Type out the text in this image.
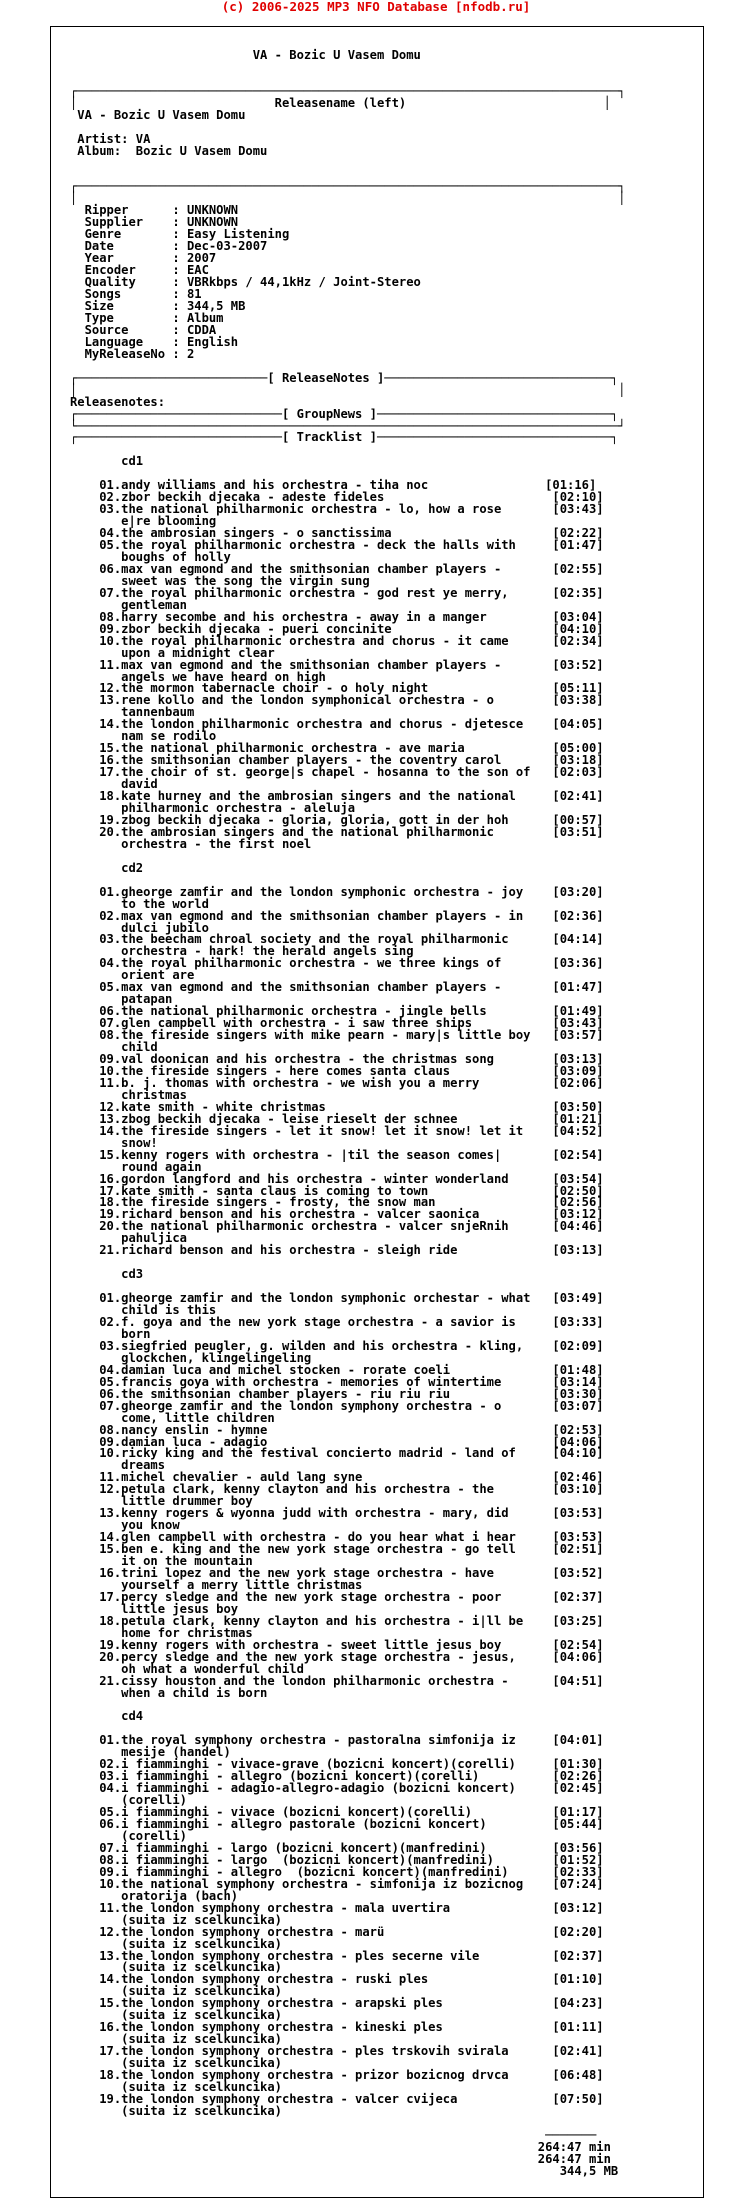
(c) 2006-2025 MP3 NFO Database [nfodb.ru]

VA - Bozic U Vasem Domu

┌──────────────────────────────────────────────────────────────────────────┐
│                           Releasename (left)                           │
VA - Bozic U Vasem Domu

Artist: VA
Album:  Bozic U Vasem Domu

┌──────────────────────────────────────────────────────────────────────────┐
│                                                                          │
Ripper      : UNKNOWN
Supplier    : UNKNOWN
Genre       : Easy Listening
Date        : Dec-03-2007
Year        : 2007
Encoder     : EAC
Quality     : VBRkbps / 44,1kHz / Joint-Stereo
Songs       : 81
Size        : 344,5 MB
Type        : Album
Source      : CDDA
Language    : English
MyReleaseNo : 2

┌──────────────────────────[ ReleaseNotes ]───────────────────────────────┐
│                                                                          │
Releasenotes:
┌────────────────────────────[ GroupNews ]────────────────────────────────┐
└──────────────────────────────────────────────────────────────────────────┘
┌────────────────────────────[ Tracklist ]────────────────────────────────┐

cd1

01.andy williams and his orchestra - tiha noc                [01:16]
02.zbor beckih djecaka - adeste fideles                       [02:10]
03.the national philharmonic orchestra - lo, how a rose       [03:43]
e|re blooming
04.the ambrosian singers - o sanctissima                      [02:22]
05.the royal philharmonic orchestra - deck the halls with     [01:47]
boughs of holly
06.max van egmond and the smithsonian chamber players -       [02:55]
sweet was the song the virgin sung
07.the royal philharmonic orchestra - god rest ye merry,      [02:35]
gentleman
08.harry secombe and his orchestra - away in a manger         [03:04]
09.zbor beckih djecaka - pueri concinite                      [04:10]
10.the royal philharmonic orchestra and chorus - it came      [02:34]
upon a midnight clear
11.max van egmond and the smithsonian chamber players -       [03:52]
angels we have heard on high
12.the mormon tabernacle choir - o holy night                 [05:11]
13.rene kollo and the london symphonical orchestra - o        [03:38]
tannenbaum
14.the london philharmonic orchestra and chorus - djetesce    [04:05]
nam se rodilo
15.the national philharmonic orchestra - ave maria            [05:00]
16.the smithsonian chamber players - the coventry carol       [03:18]
17.the choir of st. george|s chapel - hosanna to the son of   [02:03]
david
18.kate hurney and the ambrosian singers and the national     [02:41]
philharmonic orchestra - aleluja
19.zbog beckih djecaka - gloria, gloria, gott in der hoh      [00:57]
20.the ambrosian singers and the national philharmonic        [03:51]
orchestra - the first noel

cd2

01.gheorge zamfir and the london symphonic orchestra - joy    [03:20]
to the world
02.max van egmond and the smithsonian chamber players - in    [02:36]
dulci jubilo
03.the beecham chroal society and the royal philharmonic      [04:14]
orchestra - hark! the herald angels sing
04.the royal philharmonic orchestra - we three kings of       [03:36]
orient are
05.max van egmond and the smithsonian chamber players -       [01:47]
patapan
06.the national philharmonic orchestra - jingle bells         [01:49]
07.glen campbell with orchestra - i saw three ships           [03:43]
08.the fireside singers with mike pearn - mary|s little boy   [03:57]
child
09.val doonican and his orchestra - the christmas song        [03:13]
10.the fireside singers - here comes santa claus              [03:09]
11.b. j. thomas with orchestra - we wish you a merry          [02:06]
christmas
12.kate smith - white christmas                               [03:50]
13.zbog beckih djecaka - leise rieselt der schnee             [01:21]
14.the fireside singers - let it snow! let it snow! let it    [04:52]
snow!
15.kenny rogers with orchestra - |til the season comes|       [02:54]
round again
16.gordon langford and his orchestra - winter wonderland      [03:54]
17.kate smith - santa claus is coming to town                 [02:50]
18.the fireside singers - frosty, the snow man                [02:56]
19.richard benson and his orchestra - valcer saonica          [03:12]
20.the national philharmonic orchestra - valcer snjeRnih      [04:46]
pahuljica
21.richard benson and his orchestra - sleigh ride             [03:13]

cd3

01.gheorge zamfir and the london symphonic orchestar - what   [03:49]
child is this
02.f. goya and the new york stage orchestra - a savior is     [03:33]
born
03.siegfried peugler, g. wilden and his orchestra - kling,    [02:09]
glockchen, klingelingeling
04.damian luca and michel stocken - rorate coeli              [01:48]
05.francis goya with orchestra - memories of wintertime       [03:14]
06.the smithsonian chamber players - riu riu riu              [03:30]
07.gheorge zamfir and the london symphony orchestra - o       [03:07]
come, little children
08.nancy enslin - hymne                                       [02:53]
09.damian luca - adagio                                       [04:06]
10.ricky king and the festival concierto madrid - land of     [04:10]
dreams
11.michel chevalier - auld lang syne                          [02:46]
12.petula clark, kenny clayton and his orchestra - the        [03:10]
little drummer boy
13.kenny rogers & wyonna judd with orchestra - mary, did      [03:53]
you know
14.glen campbell with orchestra - do you hear what i hear     [03:53]
15.ben e. king and the new york stage orchestra - go tell     [02:51]
it on the mountain
16.trini lopez and the new york stage orchestra - have        [03:52]
yourself a merry little christmas
17.percy sledge and the new york stage orchestra - poor       [02:37]
little jesus boy
18.petula clark, kenny clayton and his orchestra - i|ll be    [03:25]
home for christmas
19.kenny rogers with orchestra - sweet little jesus boy       [02:54]
20.percy sledge and the new york stage orchestra - jesus,     [04:06]
oh what a wonderful child
21.cissy houston and the london philharmonic orchestra -      [04:51]
when a child is born

cd4

01.the royal symphony orchestra - pastoralna simfonija iz     [04:01]
mesije (handel)
02.i fiamminghi - vivace-grave (bozicni koncert)(corelli)     [01:30]
03.i fiamminghi - allegro (bozicni koncert)(corelli)          [02:26]
04.i fiamminghi - adagio-allegro-adagio (bozicni koncert)     [02:45]
(corelli)
05.i fiamminghi - vivace (bozicni koncert)(corelli)           [01:17]
06.i fiamminghi - allegro pastorale (bozicni koncert)         [05:44]
(corelli)
07.i fiamminghi - largo (bozicni koncert)(manfredini)         [03:56]
08.i fiamminghi - largo  (bozicni koncert)(manfredini)        [01:52]
09.i fiamminghi - allegro  (bozicni koncert)(manfredini)      [02:33]
10.the national symphony orchestra - simfonija iz bozicnog    [07:24]
oratorija (bach)
11.the london symphony orchestra - mala uvertira              [03:12]
(suita iz scelkuncika)
12.the london symphony orchestra - marü                       [02:20]
(suita iz scelkuncika)
13.the london symphony orchestra - ples secerne vile          [02:37]
(suita iz scelkuncika)
14.the london symphony orchestra - ruski ples                 [01:10]
(suita iz scelkuncika)
15.the london symphony orchestra - arapski ples               [04:23]
(suita iz scelkuncika)
16.the london symphony orchestra - kineski ples               [01:11]
(suita iz scelkuncika)
17.the london symphony orchestra - ples trskovih svirala      [02:41]
(suita iz scelkuncika)
18.the london symphony orchestra - prizor bozicnog drvca      [06:48]
(suita iz scelkuncika)
19.the london symphony orchestra - valcer cvijeca             [07:50]
(suita iz scelkuncika)

───────
264:47 min
264:47 min
344,5 MB
